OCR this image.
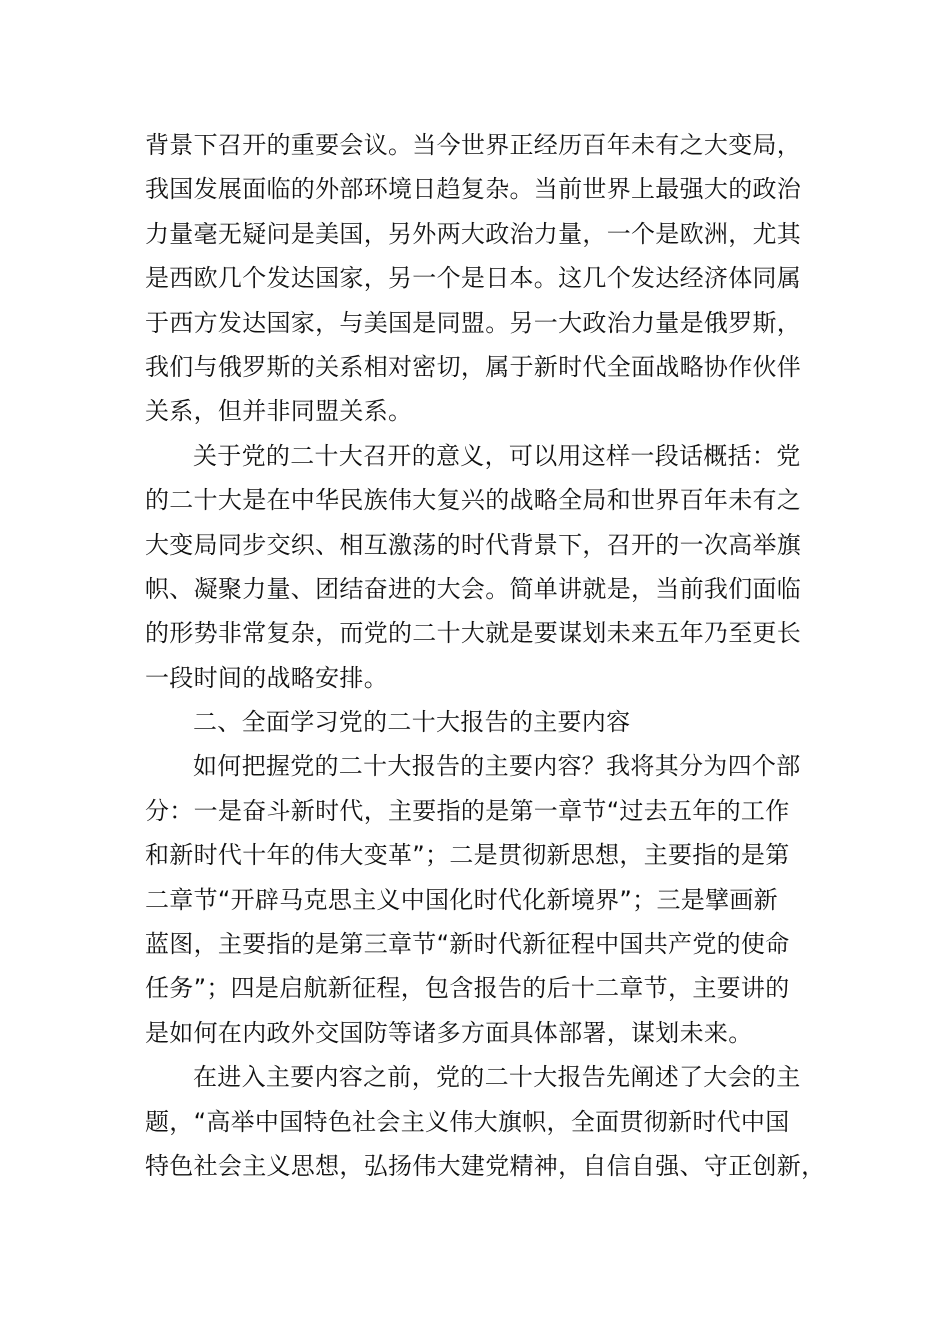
背景下召开的重要会议。当今世界正经历百年未有之大变局，
我国发展面临的外部环境日趋复杂。当前世界上最强大的政治
力量毫无疑问是美国，另外两大政治力量，一个是欧洲，尤其
是西欧几个发达国家，另一个是日本。这几个发达经济体同属
于西方发达国家，与美国是同盟。另一大政治力量是俄罗斯，
我们与俄罗斯的关系相对密切，属于新时代全面战略协作伙伴
关系，但并非同盟关系。
关于党的二十大召开的意义，可以用这样一段话概括：党
的二十大是在中华民族伟大复兴的战略全局和世界百年未有之
大变局同步交织、相互激荡的时代背景下，召开的一次高举旗
帜、凝聚力量、团结奋进的大会。简单讲就是，当前我们面临
的形势非常复杂，而党的二十大就是要谋划未来五年乃至更长
一段时间的战略安排。
二、全面学习党的二十大报告的主要内容
如何把握党的二十大报告的主要内容？我将其分为四个部
分：一是奋斗新时代，主要指的是第一章节“过去五年的工作
和新时代十年的伟大变革”；二是贯彻新思想，主要指的是第
二章节“开辟马克思主义中国化时代化新境界”；三是擘画新
蓝图，主要指的是第三章节“新时代新征程中国共产党的使命
任务”；四是启航新征程，包含报告的后十二章节，主要讲的
是如何在内政外交国防等诸多方面具体部署，谋划未来。
在进入主要内容之前，党的二十大报告先阐述了大会的主
题，“高举中国特色社会主义伟大旗帜，全面贯彻新时代中国
特色社会主义思想，弘扬伟大建党精神，自信自强、守正创新，
